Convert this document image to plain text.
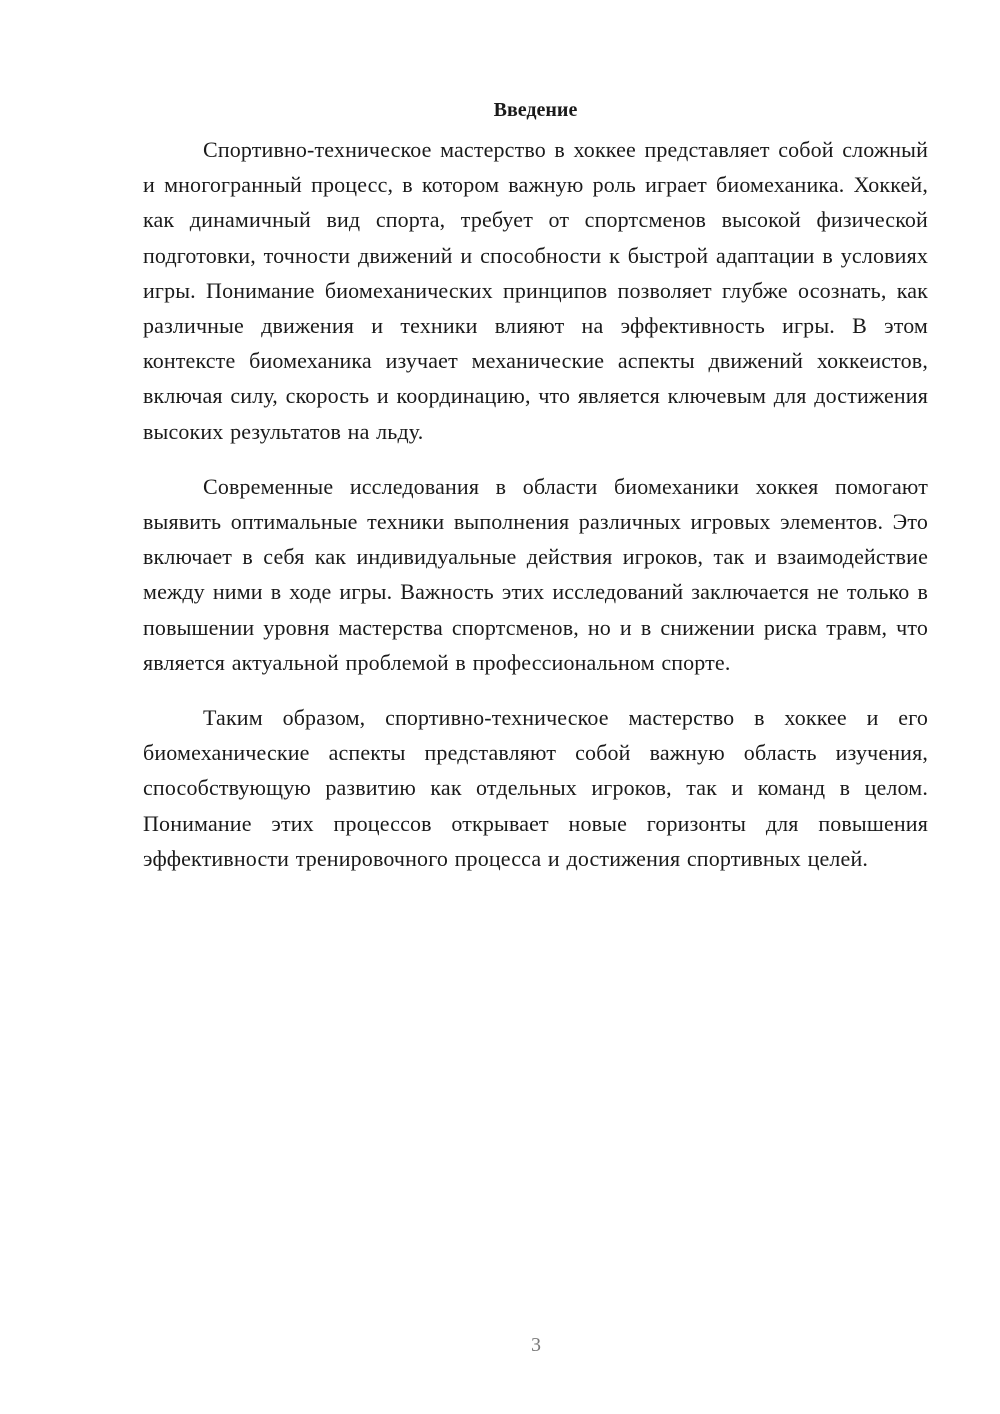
Введение

Спортивно-техническое мастерство в хоккее представляет собой сложный и многогранный процесс, в котором важную роль играет биомеханика. Хоккей, как динамичный вид спорта, требует от спортсменов высокой физической подготовки, точности движений и способности к быстрой адаптации в условиях игры. Понимание биомеханических принципов позволяет глубже осознать, как различные движения и техники влияют на эффективность игры. В этом контексте биомеханика изучает механические аспекты движений хоккеистов, включая силу, скорость и координацию, что является ключевым для достижения высоких результатов на льду.

Современные исследования в области биомеханики хоккея помогают выявить оптимальные техники выполнения различных игровых элементов. Это включает в себя как индивидуальные действия игроков, так и взаимодействие между ними в ходе игры. Важность этих исследований заключается не только в повышении уровня мастерства спортсменов, но и в снижении риска травм, что является актуальной проблемой в профессиональном спорте.

Таким образом, спортивно-техническое мастерство в хоккее и его биомеханические аспекты представляют собой важную область изучения, способствующую развитию как отдельных игроков, так и команд в целом. Понимание этих процессов открывает новые горизонты для повышения эффективности тренировочного процесса и достижения спортивных целей.

3
